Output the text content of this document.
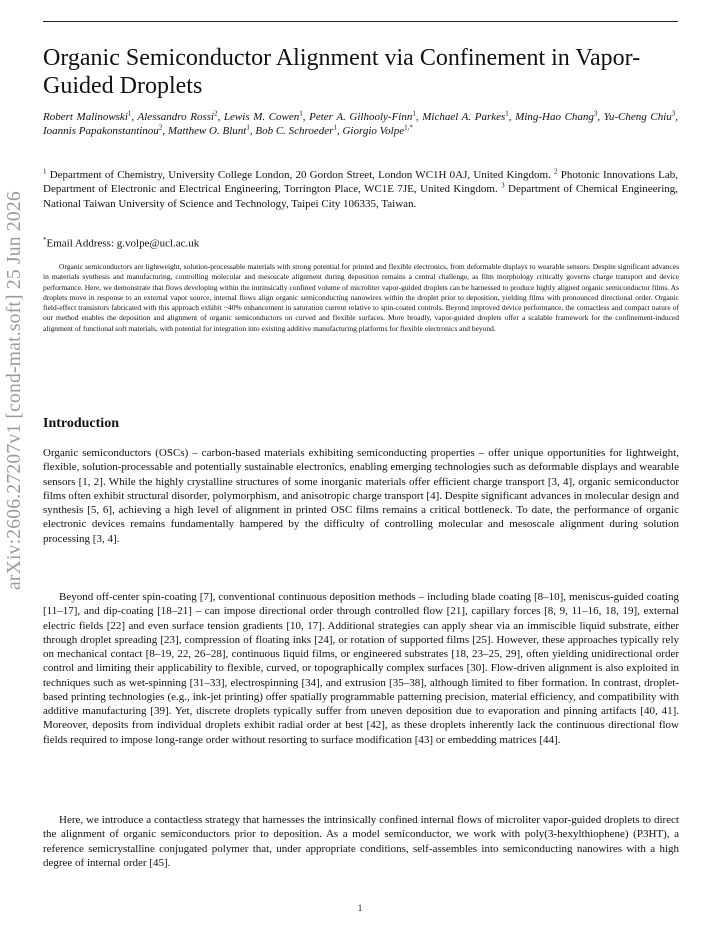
arXiv:2606.27207v1 [cond-mat.soft] 25 Jun 2026
Organic Semiconductor Alignment via Confinement in Vapor-Guided Droplets

Robert Malinowski$^1$, Alessandro Rossi$^2$, Lewis M. Cowen$^1$, Peter A. Gilhooly-Finn$^1$, Michael A. Parkes$^1$, Ming-Hao Chang$^3$, Yu-Cheng Chiu$^3$, Ioannis Papakonstantinou$^2$, Matthew O. Blunt$^1$, Bob C. Schroeder$^1$, Giorgio Volpe$^{1,*}$

$^1$ Department of Chemistry, University College London, 20 Gordon Street, London WC1H 0AJ, United Kingdom. $^2$ Photonic Innovations Lab, Department of Electronic and Electrical Engineering, Torrington Place, WC1E 7JE, United Kingdom. $^3$ Department of Chemical Engineering, National Taiwan University of Science and Technology, Taipei City 106335, Taiwan.

*Email Address: g.volpe@ucl.ac.uk

Organic semiconductors are lightweight, solution-processable materials with strong potential for printed and flexible electronics, from deformable displays to wearable sensors. Despite significant advances in materials synthesis and manufacturing, controlling molecular and mesoscale alignment during deposition remains a central challenge, as film morphology critically governs charge transport and device performance. Here, we demonstrate that flows developing within the intrinsically confined volume of microliter vapor-guided droplets can be harnessed to produce highly aligned organic semiconductor films. As droplets move in response to an external vapor source, internal flows align organic semiconducting nanowires within the droplet prior to deposition, yielding films with pronounced directional order. Organic field-effect transistors fabricated with this approach exhibit ~40% enhancement in saturation current relative to spin-coated controls. Beyond improved device performance, the contactless and compact nature of our method enables the deposition and alignment of organic semiconductors on curved and flexible surfaces. More broadly, vapor-guided droplets offer a scalable framework for the confinement-induced alignment of functional soft materials, with potential for integration into existing additive manufacturing platforms for flexible electronics and beyond.

Introduction

Organic semiconductors (OSCs) – carbon-based materials exhibiting semiconducting properties – offer unique opportunities for lightweight, flexible, solution-processable and potentially sustainable electronics, enabling emerging technologies such as deformable displays and wearable sensors [1, 2]. While the highly crystalline structures of some inorganic materials offer efficient charge transport [3, 4], organic semiconductor films often exhibit structural disorder, polymorphism, and anisotropic charge transport [4]. Despite significant advances in molecular design and synthesis [5, 6], achieving a high level of alignment in printed OSC films remains a critical bottleneck. To date, the performance of organic electronic devices remains fundamentally hampered by the difficulty of controlling molecular and mesoscale alignment during solution processing [3, 4].

Beyond off-center spin-coating [7], conventional continuous deposition methods – including blade coating [8–10], meniscus-guided coating [11–17], and dip-coating [18–21] – can impose directional order through controlled flow [21], capillary forces [8, 9, 11–16, 18, 19], external electric fields [22] and even surface tension gradients [10, 17]. Additional strategies can apply shear via an immiscible liquid substrate, either through droplet spreading [23], compression of floating inks [24], or rotation of supported films [25]. However, these approaches typically rely on mechanical contact [8–19, 22, 26–28], continuous liquid films, or engineered substrates [18, 23–25, 29], often yielding unidirectional order control and limiting their applicability to flexible, curved, or topographically complex surfaces [30]. Flow-driven alignment is also exploited in techniques such as wet-spinning [31–33], electrospinning [34], and extrusion [35–38], although limited to fiber formation. In contrast, droplet-based printing technologies (e.g., ink-jet printing) offer spatially programmable patterning precision, material efficiency, and compatibility with additive manufacturing [39]. Yet, discrete droplets typically suffer from uneven deposition due to evaporation and pinning artifacts [40, 41]. Moreover, deposits from individual droplets exhibit radial order at best [42], as these droplets inherently lack the continuous directional flow fields required to impose long-range order without resorting to surface modification [43] or embedding matrices [44].

Here, we introduce a contactless strategy that harnesses the intrinsically confined internal flows of microliter vapor-guided droplets to direct the alignment of organic semiconductors prior to deposition. As a model semiconductor, we work with poly(3-hexylthiophene) (P3HT), a reference semicrystalline conjugated polymer that, under appropriate conditions, self-assembles into semiconducting nanowires with a high degree of internal order [45].

1
